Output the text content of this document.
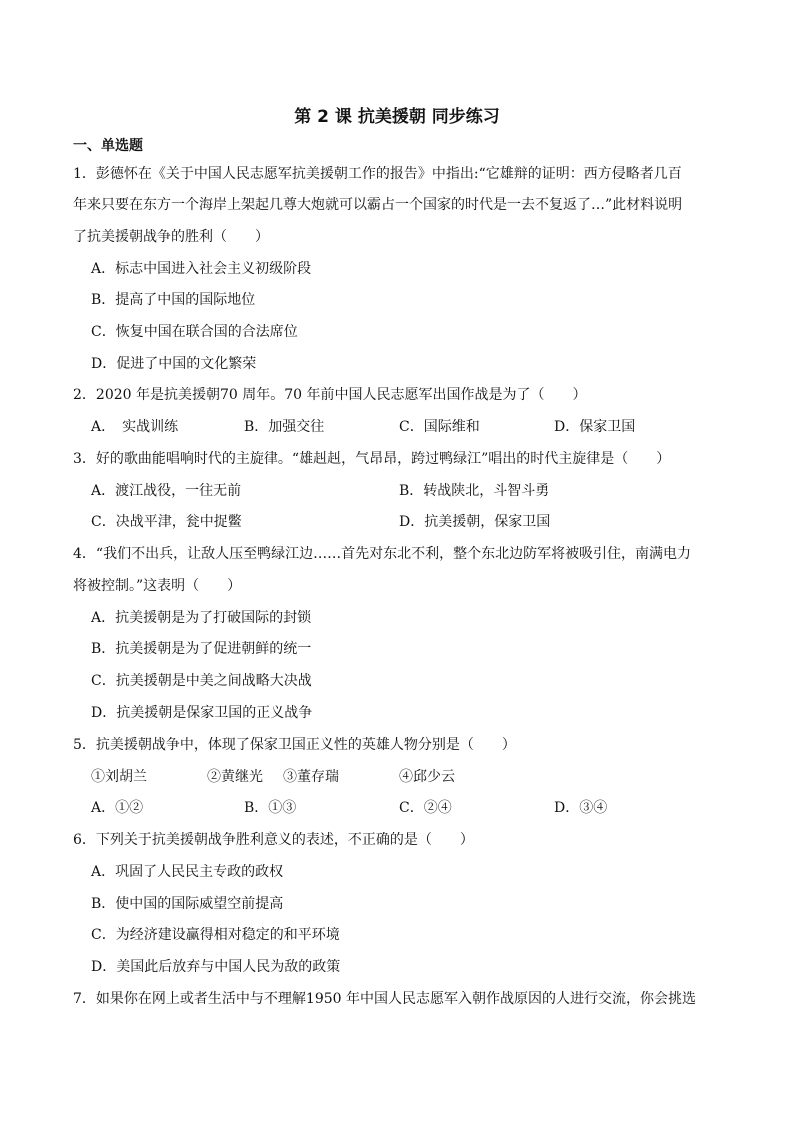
第 2 课 抗美援朝 同步练习
一、单选题
1．彭德怀在《关于中国人民志愿军抗美援朝工作的报告》中指出:“它雄辩的证明：西方侵略者几百
年来只要在东方一个海岸上架起几尊大炮就可以霸占一个国家的时代是一去不复返了…”此材料说明
了抗美援朝战争的胜利（　　）
A．标志中国进入社会主义初级阶段
B．提高了中国的国际地位
C．恢复中国在联合国的合法席位
D．促进了中国的文化繁荣
2．2020 年是抗美援朝70 周年。70 年前中国人民志愿军出国作战是为了（　　）
A．　实战训练	B．加强交往	C．国际维和	D．保家卫国
3．好的歌曲能唱响时代的主旋律。“雄赳赳，气昂昂，跨过鸭绿江”唱出的时代主旋律是（　　）
A．渡江战役，一往无前	B．转战陕北，斗智斗勇
C．决战平津，瓮中捉鳖	D．抗美援朝，保家卫国
4．“我们不出兵，让敌人压至鸭绿江边……首先对东北不利，整个东北边防军将被吸引住，南满电力
将被控制。”这表明（　　）
A．抗美援朝是为了打破国际的封锁
B．抗美援朝是为了促进朝鲜的统一
C．抗美援朝是中美之间战略大决战
D．抗美援朝是保家卫国的正义战争
5．抗美援朝战争中，体现了保家卫国正义性的英雄人物分别是（　　）
①刘胡兰	②黄继光 ③董存瑞	④邱少云
A．①②	B．①③	C．②④	D．③④
6．下列关于抗美援朝战争胜利意义的表述，不正确的是（　　）
A．巩固了人民民主专政的政权
B．使中国的国际威望空前提高
C．为经济建设赢得相对稳定的和平环境
D．美国此后放弃与中国人民为敌的政策
7．如果你在网上或者生活中与不理解1950 年中国人民志愿军入朝作战原因的人进行交流，你会挑选
